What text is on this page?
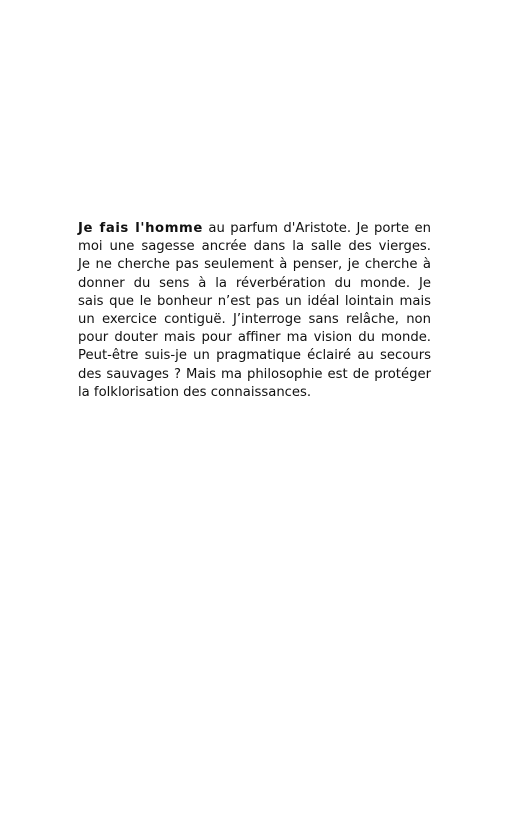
Je fais l'homme au parfum d'Aristote. Je porte en
moi une sagesse ancrée dans la salle des vierges.
Je ne cherche pas seulement à penser, je cherche à
donner du sens à la réverbération du monde. Je
sais que le bonheur n’est pas un idéal lointain mais
un exercice contiguë. J’interroge sans relâche, non
pour douter mais pour affiner ma vision du monde.
Peut-être suis-je un pragmatique éclairé au secours
des sauvages ? Mais ma philosophie est de protéger
la folklorisation des connaissances.
